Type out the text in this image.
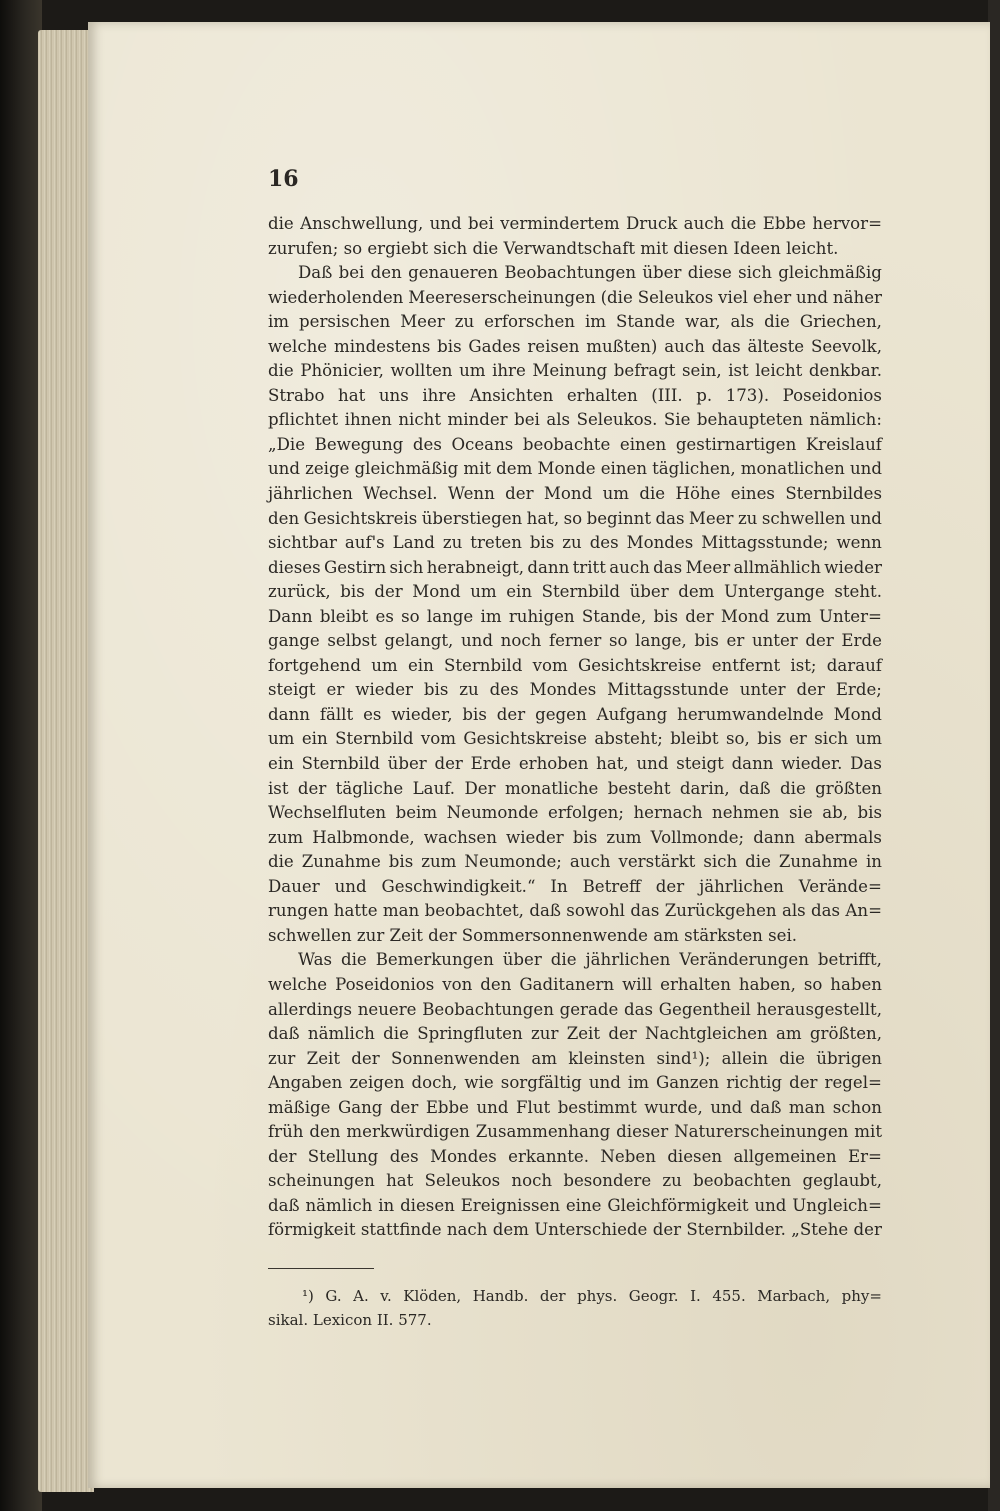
16
die Anschwellung, und bei vermindertem Druck auch die Ebbe hervor=
zurufen; so ergiebt sich die Verwandtschaft mit diesen Ideen leicht.
Daß bei den genaueren Beobachtungen über diese sich gleichmäßig
wiederholenden Meereserscheinungen (die Seleukos viel eher und näher
im persischen Meer zu erforschen im Stande war, als die Griechen,
welche mindestens bis Gades reisen mußten) auch das älteste Seevolk,
die Phönicier, wollten um ihre Meinung befragt sein, ist leicht denkbar.
Strabo hat uns ihre Ansichten erhalten (III. p. 173). Poseidonios
pflichtet ihnen nicht minder bei als Seleukos. Sie behaupteten nämlich:
„Die Bewegung des Oceans beobachte einen gestirnartigen Kreislauf
und zeige gleichmäßig mit dem Monde einen täglichen, monatlichen und
jährlichen Wechsel. Wenn der Mond um die Höhe eines Sternbildes
den Gesichtskreis überstiegen hat, so beginnt das Meer zu schwellen und
sichtbar auf's Land zu treten bis zu des Mondes Mittagsstunde; wenn
dieses Gestirn sich herabneigt, dann tritt auch das Meer allmählich wieder
zurück, bis der Mond um ein Sternbild über dem Untergange steht.
Dann bleibt es so lange im ruhigen Stande, bis der Mond zum Unter=
gange selbst gelangt, und noch ferner so lange, bis er unter der Erde
fortgehend um ein Sternbild vom Gesichtskreise entfernt ist; darauf
steigt er wieder bis zu des Mondes Mittagsstunde unter der Erde;
dann fällt es wieder, bis der gegen Aufgang herumwandelnde Mond
um ein Sternbild vom Gesichtskreise absteht; bleibt so, bis er sich um
ein Sternbild über der Erde erhoben hat, und steigt dann wieder. Das
ist der tägliche Lauf. Der monatliche besteht darin, daß die größten
Wechselfluten beim Neumonde erfolgen; hernach nehmen sie ab, bis
zum Halbmonde, wachsen wieder bis zum Vollmonde; dann abermals
die Zunahme bis zum Neumonde; auch verstärkt sich die Zunahme in
Dauer und Geschwindigkeit.“ In Betreff der jährlichen Verände=
rungen hatte man beobachtet, daß sowohl das Zurückgehen als das An=
schwellen zur Zeit der Sommersonnenwende am stärksten sei.
Was die Bemerkungen über die jährlichen Veränderungen betrifft,
welche Poseidonios von den Gaditanern will erhalten haben, so haben
allerdings neuere Beobachtungen gerade das Gegentheil herausgestellt,
daß nämlich die Springfluten zur Zeit der Nachtgleichen am größten,
zur Zeit der Sonnenwenden am kleinsten sind¹); allein die übrigen
Angaben zeigen doch, wie sorgfältig und im Ganzen richtig der regel=
mäßige Gang der Ebbe und Flut bestimmt wurde, und daß man schon
früh den merkwürdigen Zusammenhang dieser Naturerscheinungen mit
der Stellung des Mondes erkannte. Neben diesen allgemeinen Er=
scheinungen hat Seleukos noch besondere zu beobachten geglaubt,
daß nämlich in diesen Ereignissen eine Gleichförmigkeit und Ungleich=
förmigkeit stattfinde nach dem Unterschiede der Sternbilder. „Stehe der
¹) G. A. v. Klöden, Handb. der phys. Geogr. I. 455. Marbach, phy=
sikal. Lexicon II. 577.
